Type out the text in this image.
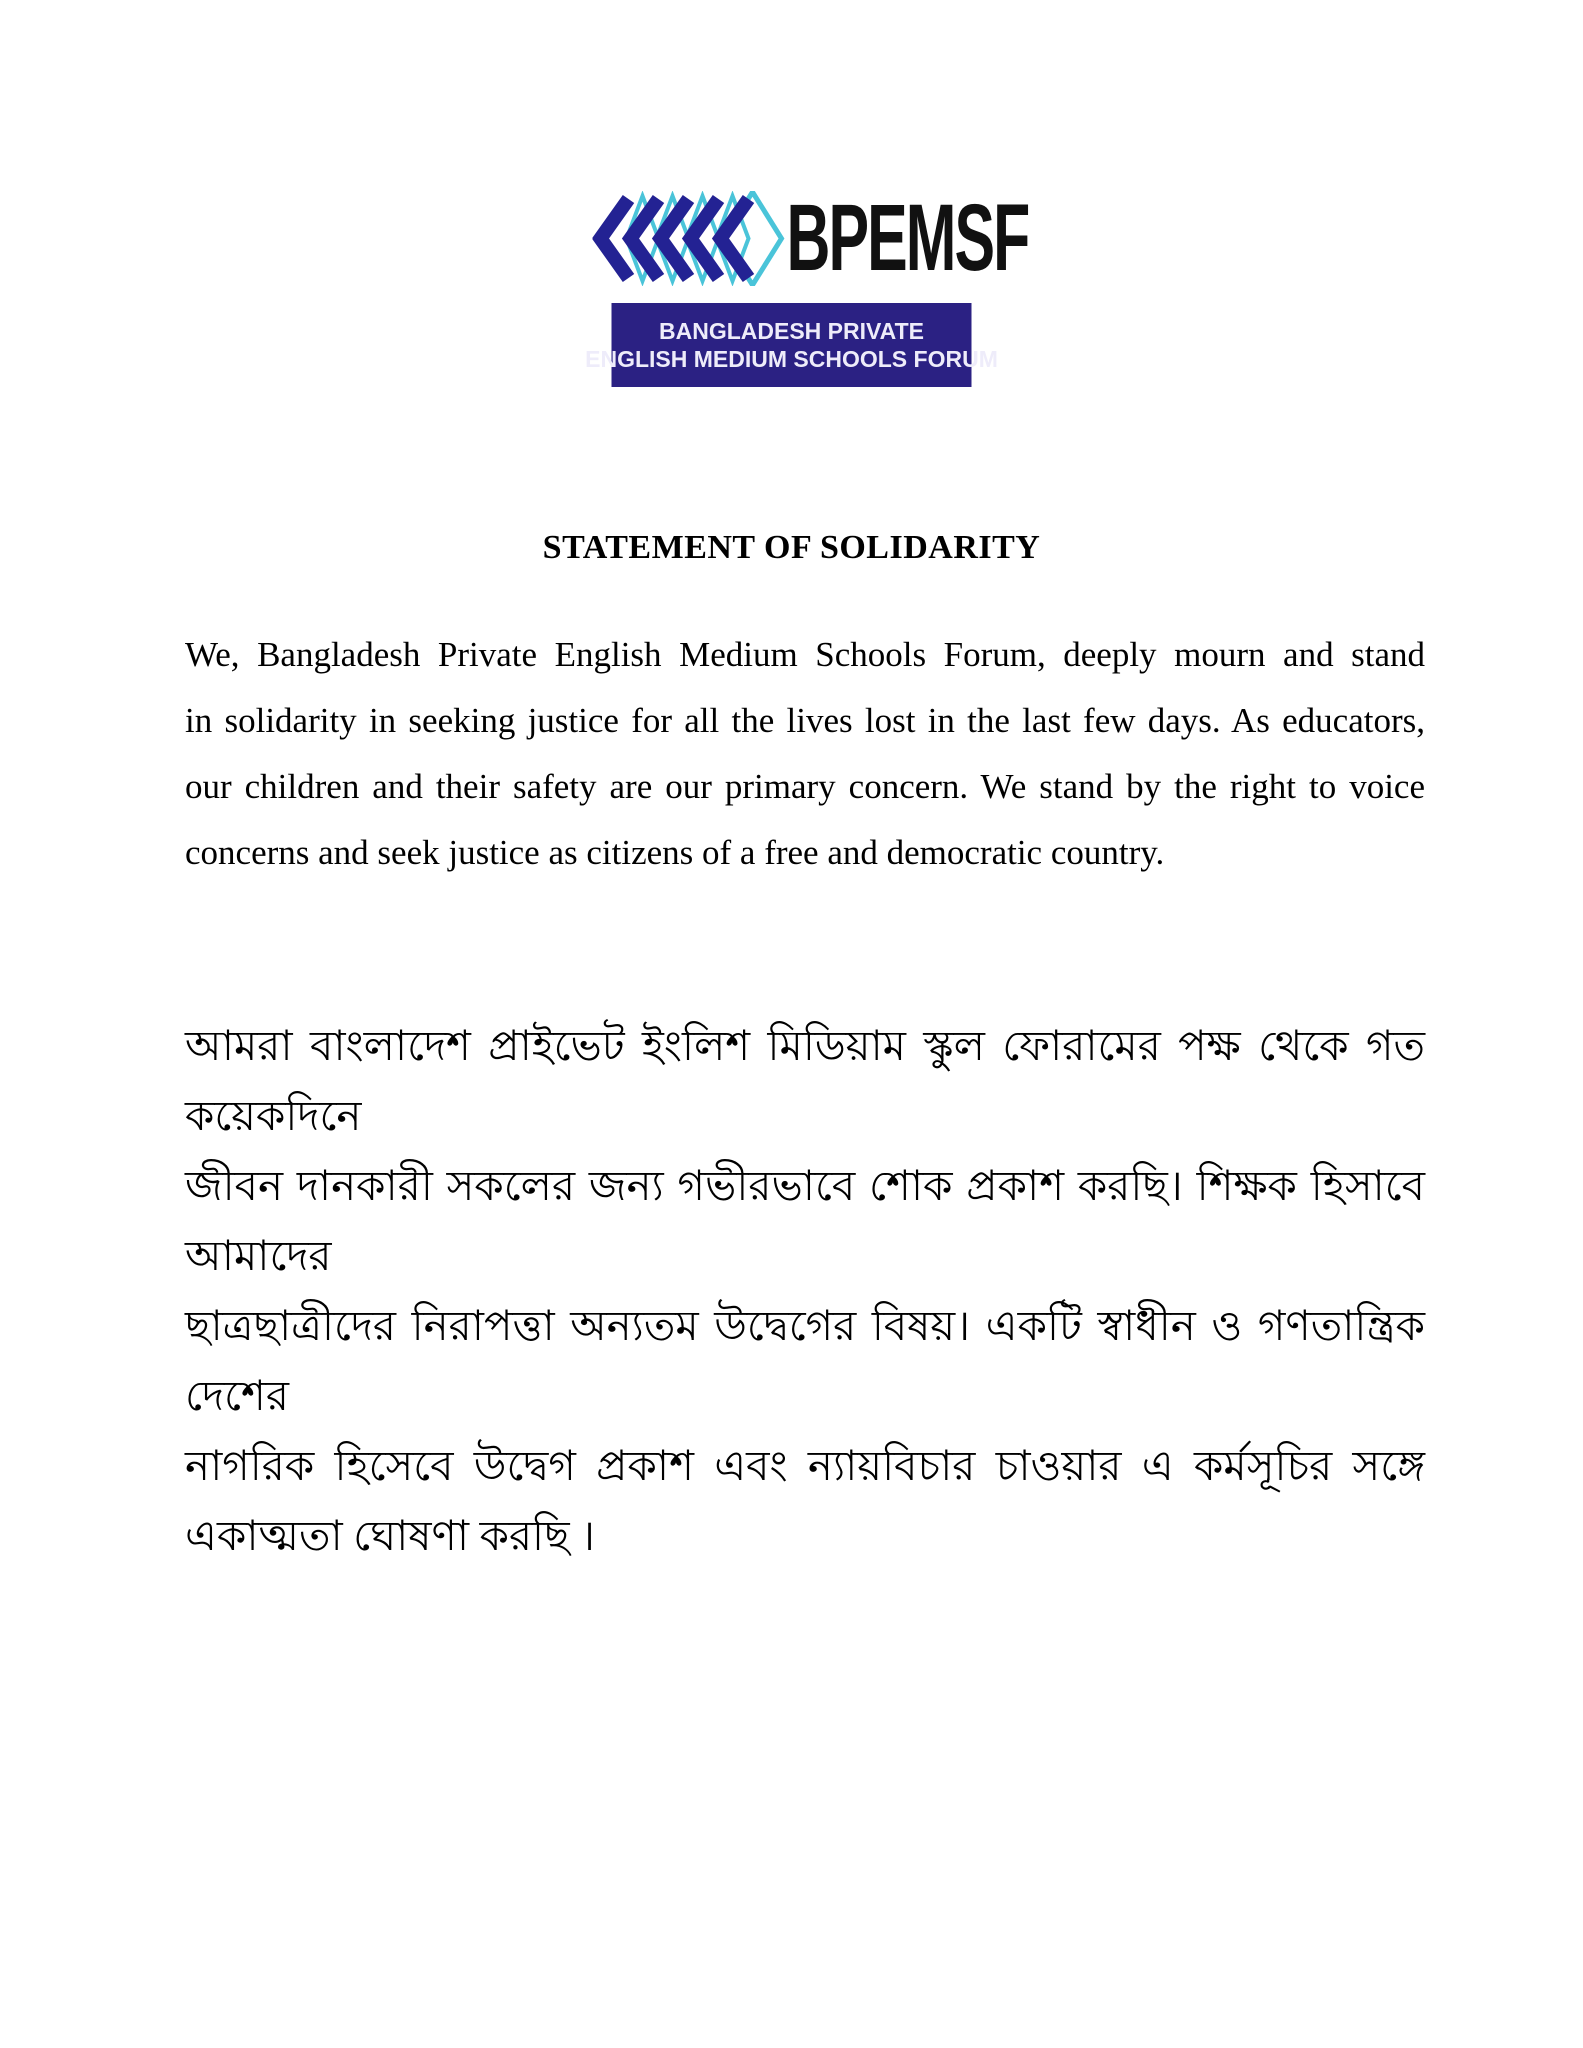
BPEMSF
BANGLADESH PRIVATE
ENGLISH MEDIUM SCHOOLS FORUM
STATEMENT OF SOLIDARITY
We, Bangladesh Private English Medium Schools Forum, deeply mourn and stand
in solidarity in seeking justice for all the lives lost in the last few days. As educators,
our children and their safety are our primary concern. We stand by the right to voice
concerns and seek justice as citizens of a free and democratic country.
আমরা বাংলাদেশ প্রাইভেট ইংলিশ মিডিয়াম স্কুল ফোরামের পক্ষ থেকে গত কয়েকদিনে
জীবন দানকারী সকলের জন্য গভীরভাবে শোক প্রকাশ করছি। শিক্ষক হিসাবে আমাদের
ছাত্রছাত্রীদের নিরাপত্তা অন্যতম উদ্বেগের বিষয়। একটি স্বাধীন ও গণতান্ত্রিক দেশের
নাগরিক হিসেবে উদ্বেগ প্রকাশ এবং ন্যায়বিচার চাওয়ার এ কর্মসূচির সঙ্গে
একাত্মতা ঘোষণা করছি ।
